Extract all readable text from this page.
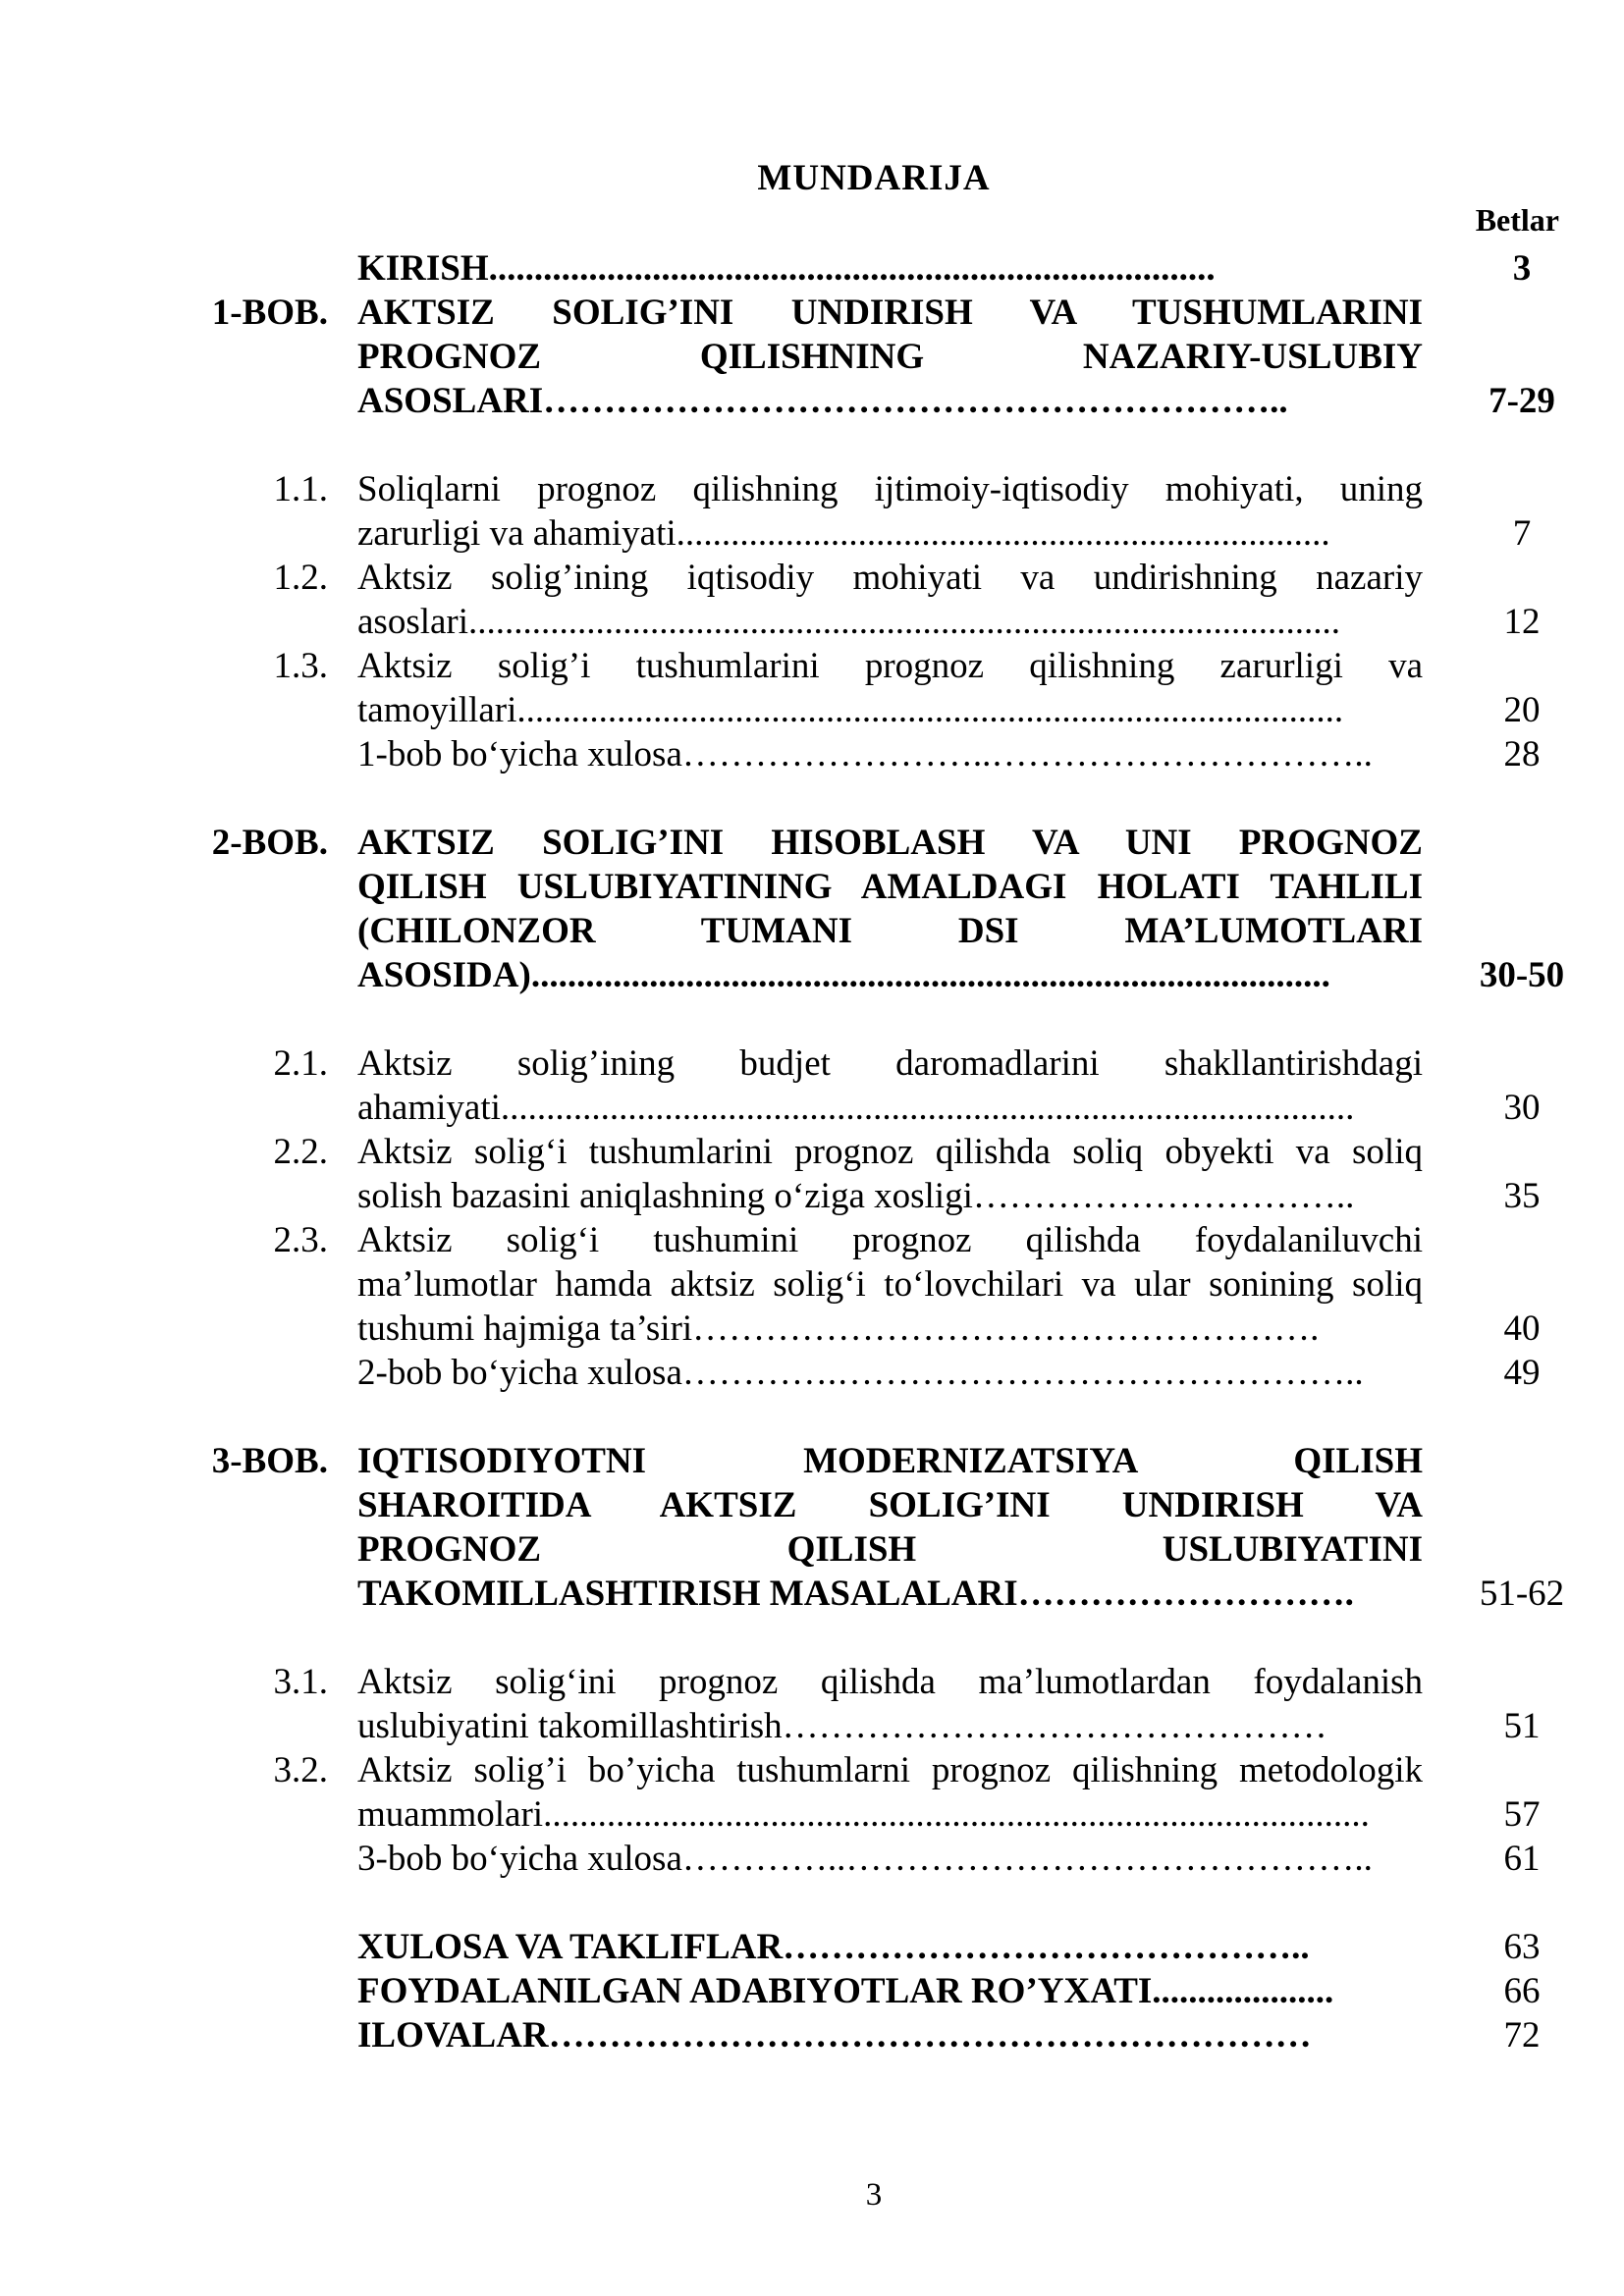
MUNDARIJA
Betlar
KIRISH................................................................................	3
1-BOB. AKTSIZ SOLIG’INI UNDIRISH VA TUSHUMLARINI
PROGNOZ QILISHNING NAZARIY-USLUBIY
ASOSLARI……………………………………………………..	7-29
1.1. Soliqlarni prognoz qilishning ijtimoiy-iqtisodiy mohiyati, uning
zarurligi va ahamiyati........................................................................	7
1.2. Aktsiz solig’ining iqtisodiy mohiyati va undirishning nazariy
asoslari................................................................................................	12
1.3. Aktsiz solig’i tushumlarini prognoz qilishning zarurligi va
tamoyillari...........................................................................................	20
1-bob bo‘yicha xulosa……………………..…………………………..	28
2-BOB. AKTSIZ SOLIG’INI HISOBLASH VA UNI PROGNOZ
QILISH USLUBIYATINING AMALDAGI HOLATI TAHLILI
(CHILONZOR TUMANI DSI MA’LUMOTLARI
ASOSIDA)........................................................................................	30-50
2.1. Aktsiz solig’ining budjet daromadlarini shakllantirishdagi
ahamiyati..............................................................................................	30
2.2. Aktsiz solig‘i tushumlarini prognoz qilishda soliq obyekti va soliq
solish bazasini aniqlashning o‘ziga xosligi…………………………..	35
2.3. Aktsiz solig‘i tushumini prognoz qilishda foydalaniluvchi
ma’lumotlar hamda aktsiz solig‘i to‘lovchilari va ular sonining soliq
tushumi hajmiga ta’siri…………………………………………….	40
2-bob bo‘yicha xulosa………….……………………………………..	49
3-BOB. IQTISODIYOTNI MODERNIZATSIYA QILISH
SHAROITIDA AKTSIZ SOLIG’INI UNDIRISH VA
PROGNOZ QILISH USLUBIYATINI
TAKOMILLASHTIRISH MASALALARI……………………….	51-62
3.1. Aktsiz solig‘ini prognoz qilishda ma’lumotlardan foydalanish
uslubiyatini takomillashtirish………………………………………	51
3.2. Aktsiz solig’i bo’yicha tushumlarni prognoz qilishning metodologik
muammolari...........................................................................................	57
3-bob bo‘yicha xulosa…………..……………………………………..	61
XULOSA VA TAKLIFLAR……………………………………..	63
FOYDALANILGAN ADABIYOTLAR RO’YXATI....................	66
ILOVALAR………………………………………………………	72
3
